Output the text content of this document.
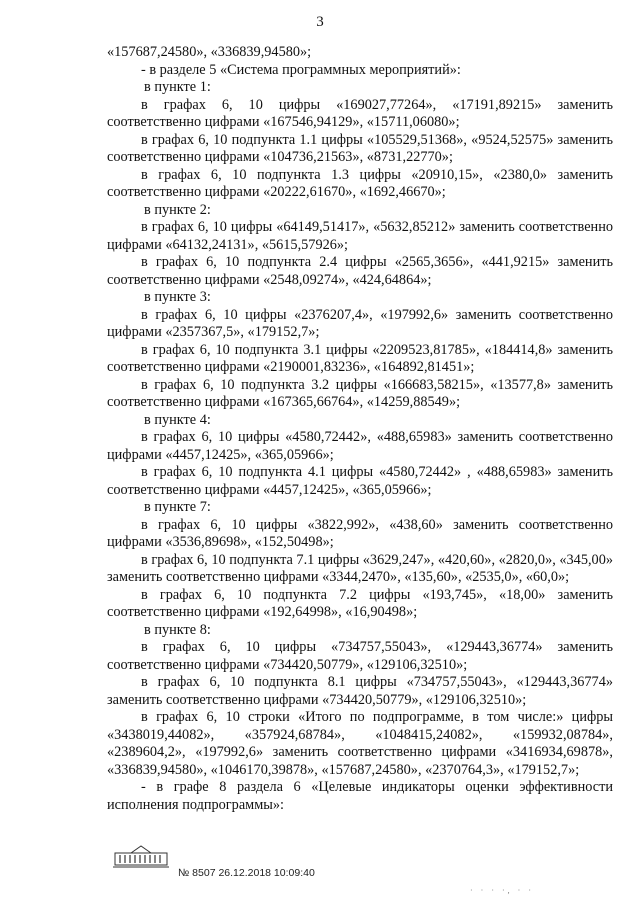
3

«157687,24580», «336839,94580»;

- в разделе 5 «Система программных мероприятий»:

в пункте 1:

в графах 6, 10 цифры «169027,77264», «17191,89215» заменить соответственно цифрами «167546,94129», «15711,06080»;

в графах 6, 10 подпункта 1.1 цифры «105529,51368», «9524,52575» заменить соответственно цифрами «104736,21563», «8731,22770»;

в графах 6, 10 подпункта 1.3 цифры «20910,15», «2380,0» заменить соответственно цифрами «20222,61670», «1692,46670»;

в пункте 2:

в графах 6, 10 цифры «64149,51417», «5632,85212» заменить соответственно цифрами «64132,24131», «5615,57926»;

в графах 6, 10 подпункта 2.4 цифры «2565,3656», «441,9215» заменить соответственно цифрами «2548,09274», «424,64864»;

в пункте 3:

в графах 6, 10 цифры «2376207,4», «197992,6» заменить соответственно цифрами «2357367,5», «179152,7»;

в графах 6, 10 подпункта 3.1 цифры «2209523,81785», «184414,8» заменить соответственно цифрами «2190001,83236», «164892,81451»;

в графах 6, 10 подпункта 3.2 цифры «166683,58215», «13577,8» заменить соответственно цифрами «167365,66764», «14259,88549»;

в пункте 4:

в графах 6, 10 цифры «4580,72442», «488,65983» заменить соответственно цифрами «4457,12425», «365,05966»;

в графах 6, 10 подпункта 4.1 цифры «4580,72442» , «488,65983» заменить соответственно цифрами «4457,12425», «365,05966»;

в пункте 7:

в графах 6, 10 цифры «3822,992», «438,60» заменить соответственно цифрами «3536,89698», «152,50498»;

в графах 6, 10 подпункта 7.1 цифры «3629,247», «420,60», «2820,0», «345,00» заменить соответственно цифрами «3344,2470», «135,60», «2535,0», «60,0»;

в графах 6, 10 подпункта 7.2 цифры «193,745», «18,00» заменить соответственно цифрами «192,64998», «16,90498»;

в пункте 8:

в графах 6, 10 цифры «734757,55043», «129443,36774» заменить соответственно цифрами «734420,50779», «129106,32510»;

в графах 6, 10 подпункта 8.1 цифры «734757,55043», «129443,36774» заменить соответственно цифрами «734420,50779», «129106,32510»;

в графах 6, 10 строки «Итого по подпрограмме, в том числе:» цифры «3438019,44082», «357924,68784», «1048415,24082», «159932,08784», «2389604,2», «197992,6» заменить соответственно цифрами «3416934,69878», «336839,94580», «1046170,39878», «157687,24580», «2370764,3», «179152,7»;

- в графе 8 раздела 6 «Целевые индикаторы оценки эффективности исполнения подпрограммы»:

№ 8507 26.12.2018 10:09:40
· · · ·, · ·
